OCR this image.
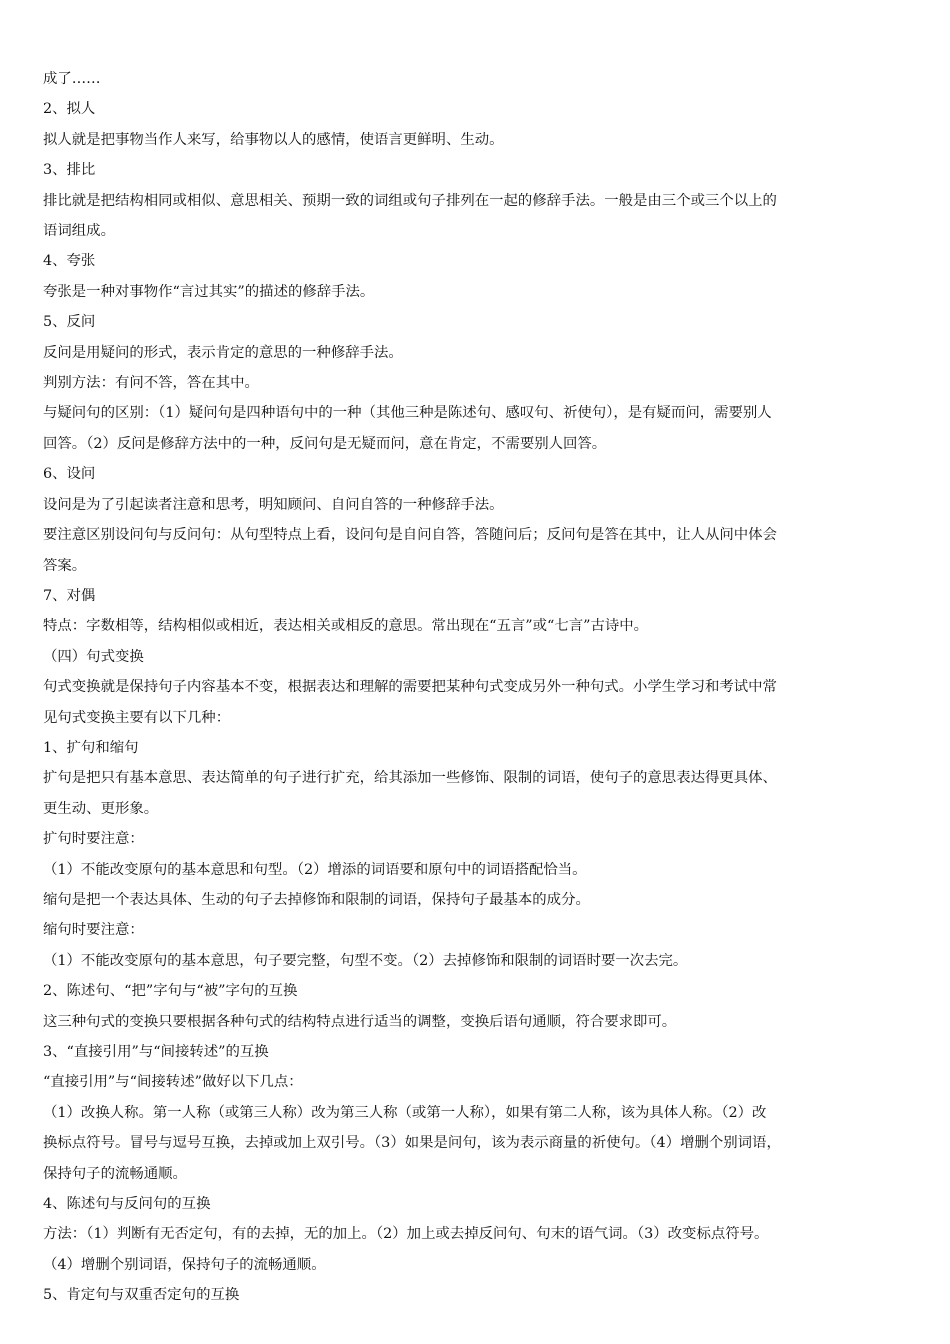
成了……
2、拟人
拟人就是把事物当作人来写，给事物以人的感情，使语言更鲜明、生动。
3、排比
排比就是把结构相同或相似、意思相关、预期一致的词组或句子排列在一起的修辞手法。一般是由三个或三个以上的
语词组成。
4、夸张
夸张是一种对事物作“言过其实”的描述的修辞手法。
5、反问
反问是用疑问的形式，表示肯定的意思的一种修辞手法。
判别方法：有问不答，答在其中。
与疑问句的区别：（1）疑问句是四种语句中的一种（其他三种是陈述句、感叹句、祈使句），是有疑而问，需要别人
回答。（2）反问是修辞方法中的一种，反问句是无疑而问，意在肯定，不需要别人回答。
6、设问
设问是为了引起读者注意和思考，明知顾问、自问自答的一种修辞手法。
要注意区别设问句与反问句：从句型特点上看，设问句是自问自答，答随问后；反问句是答在其中，让人从问中体会
答案。
7、对偶
特点：字数相等，结构相似或相近，表达相关或相反的意思。常出现在“五言”或“七言”古诗中。
（四）句式变换
句式变换就是保持句子内容基本不变，根据表达和理解的需要把某种句式变成另外一种句式。小学生学习和考试中常
见句式变换主要有以下几种：
1、扩句和缩句
扩句是把只有基本意思、表达简单的句子进行扩充，给其添加一些修饰、限制的词语，使句子的意思表达得更具体、
更生动、更形象。
扩句时要注意：
（1）不能改变原句的基本意思和句型。（2）增添的词语要和原句中的词语搭配恰当。
缩句是把一个表达具体、生动的句子去掉修饰和限制的词语，保持句子最基本的成分。
缩句时要注意：
（1）不能改变原句的基本意思，句子要完整，句型不变。（2）去掉修饰和限制的词语时要一次去完。
2、陈述句、“把”字句与“被”字句的互换
这三种句式的变换只要根据各种句式的结构特点进行适当的调整，变换后语句通顺，符合要求即可。
3、“直接引用”与“间接转述”的互换
“直接引用”与“间接转述”做好以下几点：
（1）改换人称。第一人称（或第三人称）改为第三人称（或第一人称），如果有第二人称，该为具体人称。（2）改
换标点符号。冒号与逗号互换，去掉或加上双引号。（3）如果是问句，该为表示商量的祈使句。（4）增删个别词语，
保持句子的流畅通顺。
4、陈述句与反问句的互换
方法：（1）判断有无否定句，有的去掉，无的加上。（2）加上或去掉反问句、句末的语气词。（3）改变标点符号。
（4）增删个别词语，保持句子的流畅通顺。
5、肯定句与双重否定句的互换
